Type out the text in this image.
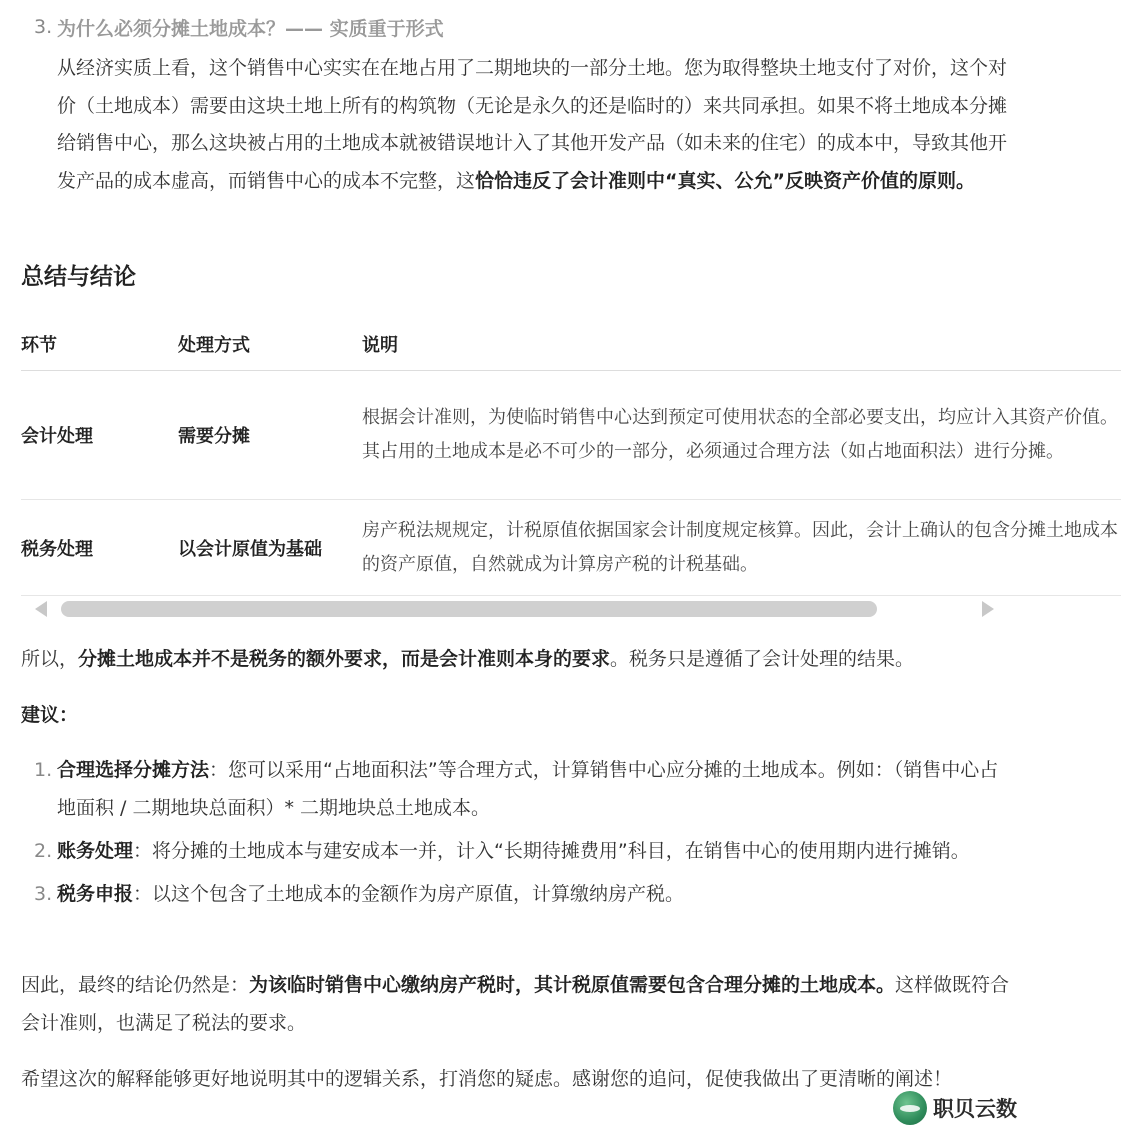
3. 为什么必须分摊土地成本？—— 实质重于形式
从经济实质上看，这个销售中心实实在在地占用了二期地块的一部分土地。您为取得整块土地支付了对价，这个对价（土地成本）需要由这块土地上所有的构筑物（无论是永久的还是临时的）来共同承担。如果不将土地成本分摊给销售中心，那么这块被占用的土地成本就被错误地计入了其他开发产品（如未来的住宅）的成本中，导致其他开发产品的成本虚高，而销售中心的成本不完整，这恰恰违反了会计准则中“真实、公允”反映资产价值的原则。
总结与结论
环节	处理方式	说明
会计处理	需要分摊	根据会计准则，为使临时销售中心达到预定可使用状态的全部必要支出，均应计入其资产价值。其占用的土地成本是必不可少的一部分，必须通过合理方法（如占地面积法）进行分摊。
税务处理	以会计原值为基础	房产税法规规定，计税原值依据国家会计制度规定核算。因此，会计上确认的包含分摊土地成本的资产原值，自然就成为计算房产税的计税基础。
所以，分摊土地成本并不是税务的额外要求，而是会计准则本身的要求。税务只是遵循了会计处理的结果。
建议：
1. 合理选择分摊方法：您可以采用“占地面积法”等合理方式，计算销售中心应分摊的土地成本。例如：（销售中心占地面积 / 二期地块总面积）* 二期地块总土地成本。
2. 账务处理：将分摊的土地成本与建安成本一并，计入“长期待摊费用”科目，在销售中心的使用期内进行摊销。
3. 税务申报：以这个包含了土地成本的金额作为房产原值，计算缴纳房产税。
因此，最终的结论仍然是：为该临时销售中心缴纳房产税时，其计税原值需要包含合理分摊的土地成本。这样做既符合会计准则，也满足了税法的要求。
希望这次的解释能够更好地说明其中的逻辑关系，打消您的疑虑。感谢您的追问，促使我做出了更清晰的阐述！
职贝云数
